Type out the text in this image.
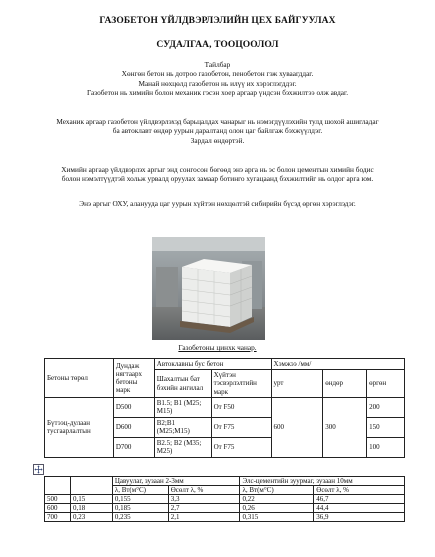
ГАЗОБЕТОН ҮЙЛДВЭРЛЭЛИЙН ЦЕХ БАЙГУУЛАХ
СУДАЛГАА, ТООЦООЛОЛ
Тайлбар
Хөнгөн бетон нь дотроо газобетон, пенобетон гэж хуваагддаг.
Манай нөхцөлд газобетон нь илүү их хэрэглэгддэг.
Газобетон нь химийн болон механик гэсэн хоер аргаар үндсэн бэхжилтээ олж авдаг.
Механик аргаар газобетон үйлдвэрлэхэд барьцалдах чанарыг нь нэмэгдүүлэхийн тулд шохой ашигладаг
ба автоклавт өндөр уурын даралтанд олон цаг байлгаж бэхжүүлдэг.
Зардал өндөртэй.
Химийн аргаар үйлдвэрлэх аргыг энд сонгосон бөгөөд энэ арга нь эс болон цементын химийн бодис
болон нэмэлтүүдтэй хольж урвалд оруулах замаар ботинго хугацаанд бэхжилтийг нь олдог арга юм.
Энэ аргыг ОХУ, аланууда цаг уурын хүйтэн нөхцөлтэй сибирийн бүсэд өргөн хэрэглэдэг.
Газобетоны цинхк чанар.
Бетоны төрөл	Дундаж нягтаарх бетоны марк	Автоклавны бус бетон		Хэмжээ /мм/		
		Шахалтын бат бэхийн ангилал	Хүйтэн тэсвэрлэлтийн марк	урт	өндөр	өргөн
Бүтээц-дулаан тусгаарлалтын	D500	B1.5; B1 (M25; M15)	От F50	600	300	200
	D600	B2;B1 (M25;M15)	От F75			150
	D700	B2.5; B2 (M35; M25)	От F75			100
		Цавуулаг, зузаан 2-3мм		Элс-цементийн зуурмаг, зузаан 10мм	
		λ, Вт(м°С)	Өсөлт λ, %	λ, Вт(м°С)	Өсөлт λ, %
500	0,15	0,155	3,3	0,22	46,7
600	0,18	0,185	2,7	0,26	44,4
700	0,23	0,235	2,1	0,315	36,9
